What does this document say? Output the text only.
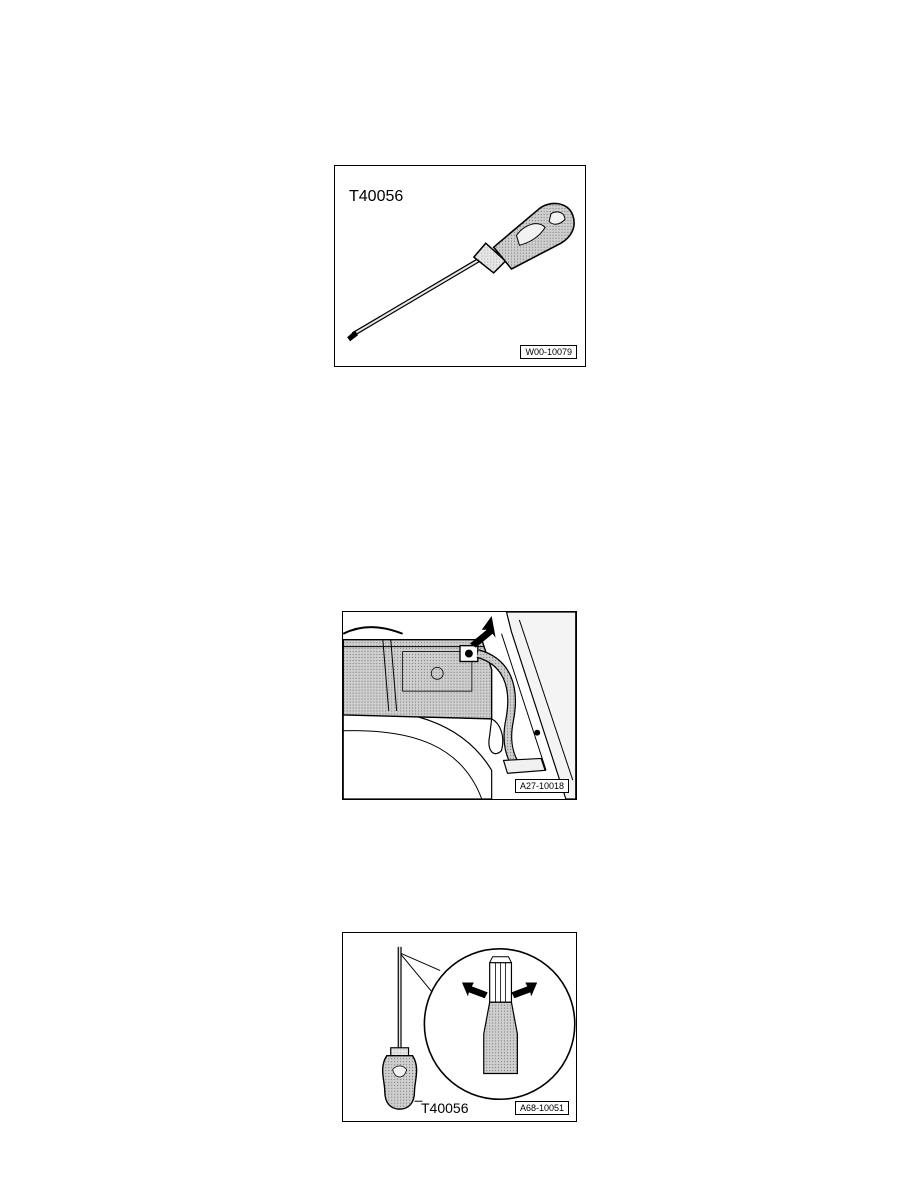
T40056
W00-10079
A27-10018
T40056	A68-10051
